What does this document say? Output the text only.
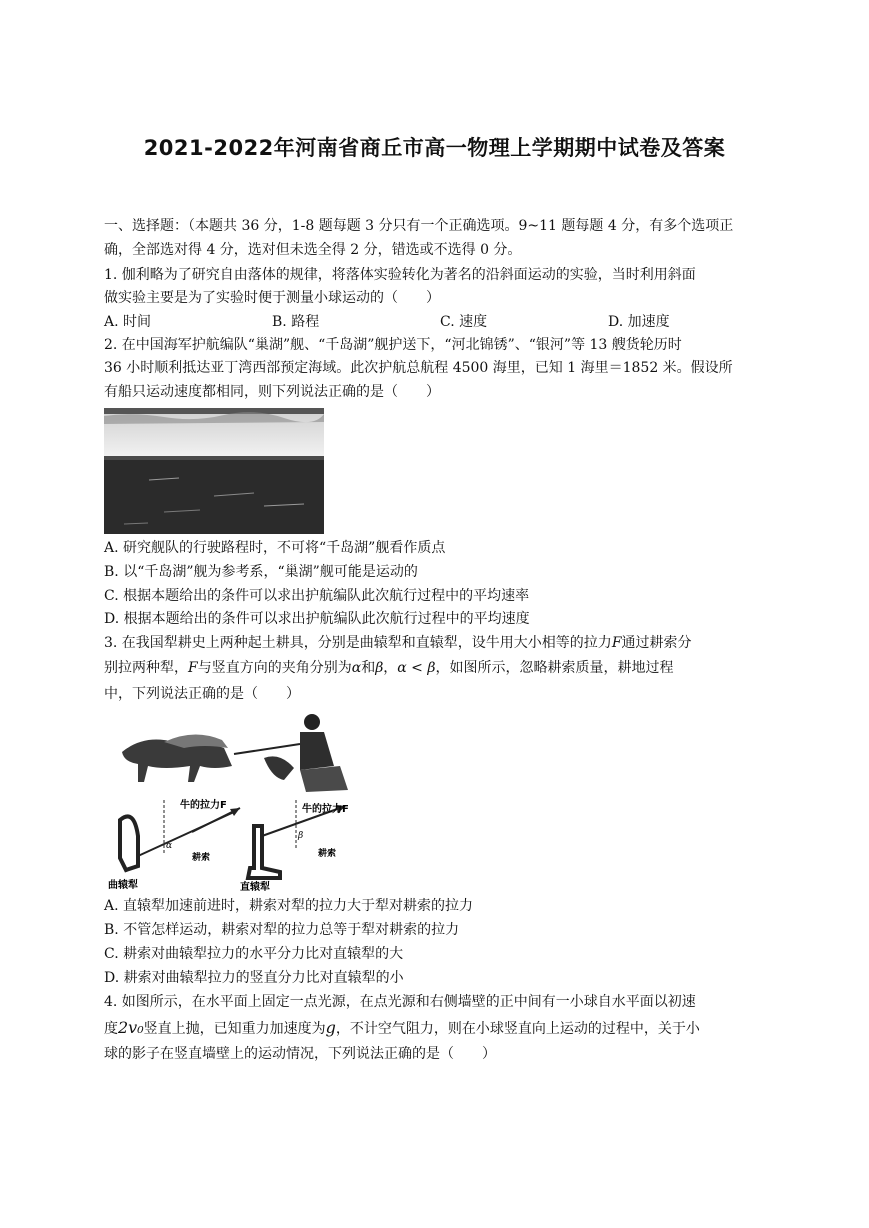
2021-2022年河南省商丘市高一物理上学期期中试卷及答案
一、选择题：（本题共 36 分，1-8 题每题 3 分只有一个正确选项。9~11 题每题 4 分，有多个选项正
确，全部选对得 4 分，选对但未选全得 2 分，错选或不选得 0 分。
1. 伽利略为了研究自由落体的规律，将落体实验转化为著名的沿斜面运动的实验，当时利用斜面
做实验主要是为了实验时便于测量小球运动的（　　）
A. 时间	B. 路程	C. 速度	D. 加速度
2. 在中国海军护航编队“巢湖”舰、“千岛湖”舰护送下，“河北锦锈”、“银河”等 13 艘货轮历时
36 小时顺利抵达亚丁湾西部预定海域。此次护航总航程 4500 海里，已知 1 海里＝1852 米。假设所
有船只运动速度都相同，则下列说法正确的是（　　）
A. 研究舰队的行驶路程时，不可将“千岛湖”舰看作质点
B. 以“千岛湖”舰为参考系，“巢湖”舰可能是运动的
C. 根据本题给出的条件可以求出护航编队此次航行过程中的平均速率
D. 根据本题给出的条件可以求出护航编队此次航行过程中的平均速度
3. 在我国犁耕史上两种起土耕具，分别是曲辕犁和直辕犁，设牛用大小相等的拉力F通过耕索分
别拉两种犁，F与竖直方向的夹角分别为α和β，α < β，如图所示，忽略耕索质量，耕地过程
中，下列说法正确的是（　　）
牛的拉力F	牛的拉力F
α
β
耕索	耕索
曲辕犁	直辕犁
A. 直辕犁加速前进时，耕索对犁的拉力大于犁对耕索的拉力
B. 不管怎样运动，耕索对犁的拉力总等于犁对耕索的拉力
C. 耕索对曲辕犁拉力的水平分力比对直辕犁的大
D. 耕索对曲辕犁拉力的竖直分力比对直辕犁的小
4. 如图所示，在水平面上固定一点光源，在点光源和右侧墙壁的正中间有一小球自水平面以初速
度2v₀竖直上抛，已知重力加速度为g，不计空气阻力，则在小球竖直向上运动的过程中，关于小
球的影子在竖直墙壁上的运动情况，下列说法正确的是（　　）
